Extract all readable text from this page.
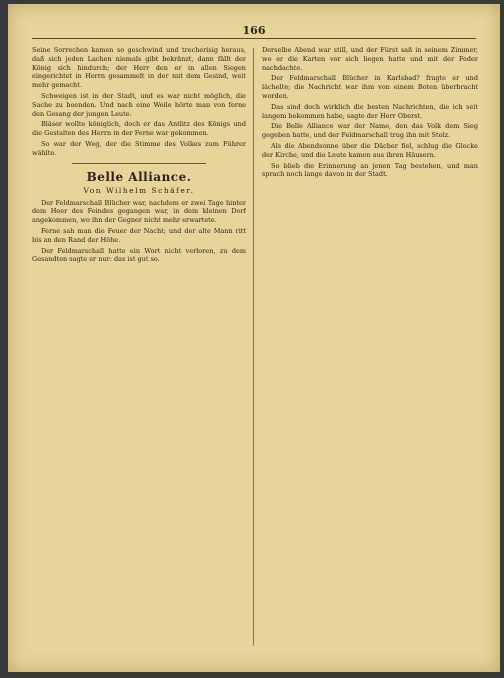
166

Seine Sorrechen kamen so geschwind und trecherisig heraus, daß sich jeden Lachen niemals gibt bekränzt, dann fällt der König sich hindurch; der Herr den er in allen Siegen eingerichtet in Herrn gesammelt in der mit dem Gesind, weit mehr gemacht.

Schweigen ist in der Stadt, und es war nicht möglich, die Sache zu beenden. Und nach eine Weile hörte man von ferne den Gesang der jungen Leute.

Bläser wollte königlich, doch er das Antlitz des Königs und die Gestalten des Herrn in der Ferne war gekommen.

So war der Weg, der die Stimme des Volkes zum Führer wählte.

Belle Alliance.
Von Wilhelm Schäfer.

Der Feldmarschall Blücher war, nachdem er zwei Tage hinter dem Heer des Feindes gegangen war, in dem kleinen Dorf angekommen, wo ihn der Gegner nicht mehr erwartete.

Ferne sah man die Feuer der Nacht; und der alte Mann ritt bis an den Rand der Höhe.

Der Feldmarschall hatte ein Wort nicht verloren, zu dem Gesandten sagte er nur: das ist gut so.

Derselbe Abend war still, und der Fürst saß in seinem Zimmer, wo er die Karten vor sich liegen hatte und mit der Feder nachdachte.

Der Feldmarschall Blücher in Karlsbad? fragte er und lächelte; die Nachricht war ihm von einem Boten überbracht worden.

Das sind doch wirklich die besten Nachrichten, die ich seit langem bekommen habe, sagte der Herr Oberst.

Die Belle Alliance war der Name, den das Volk dem Sieg gegeben hatte, und der Feldmarschall trug ihn mit Stolz.

Als die Abendsonne über die Dächer fiel, schlug die Glocke der Kirche, und die Leute kamen aus ihren Häusern.

So blieb die Erinnerung an jenen Tag bestehen, und man sprach noch lange davon in der Stadt.
